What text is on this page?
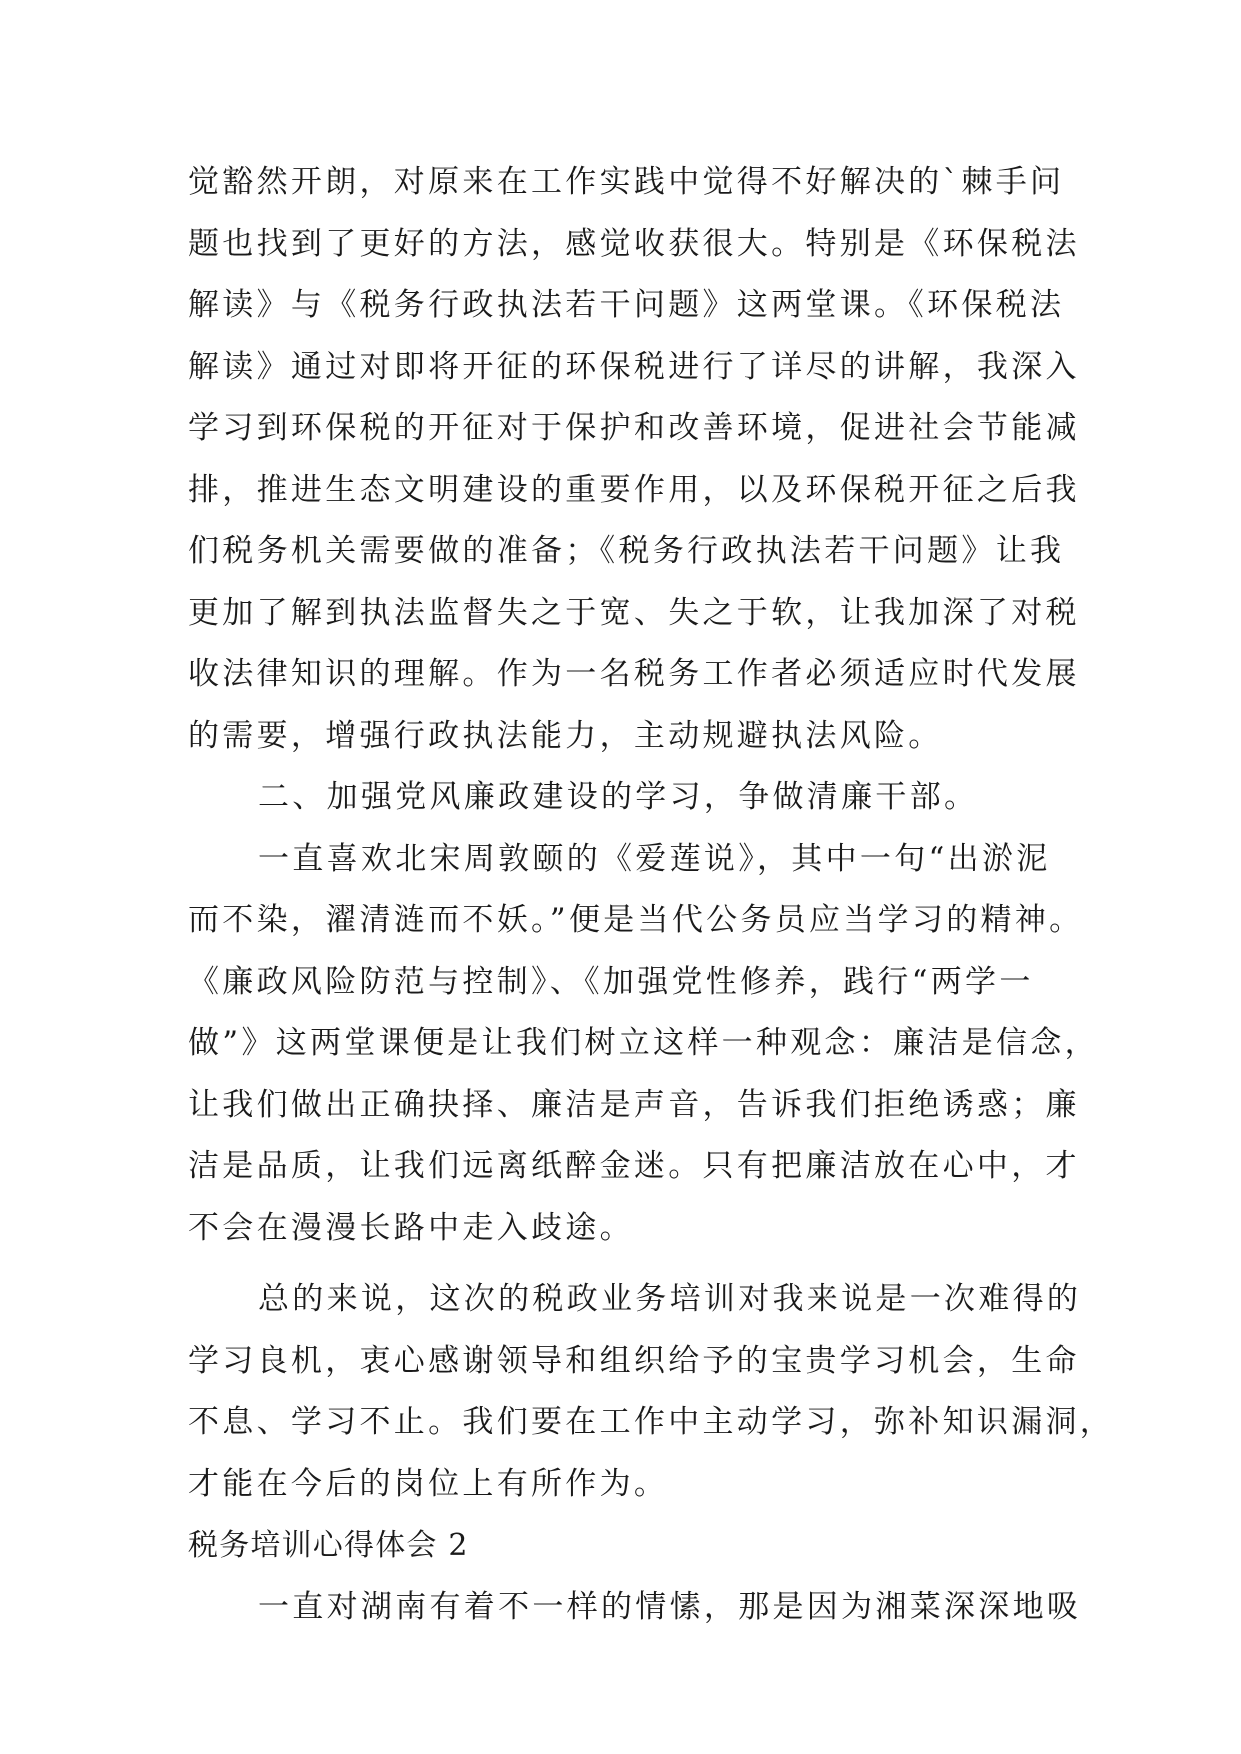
觉豁然开朗，对原来在工作实践中觉得不好解决的`棘手问
题也找到了更好的方法，感觉收获很大。特别是《环保税法
解读》与《税务行政执法若干问题》这两堂课。《环保税法
解读》通过对即将开征的环保税进行了详尽的讲解，我深入
学习到环保税的开征对于保护和改善环境，促进社会节能减
排，推进生态文明建设的重要作用，以及环保税开征之后我
们税务机关需要做的准备；《税务行政执法若干问题》让我
更加了解到执法监督失之于宽、失之于软，让我加深了对税
收法律知识的理解。作为一名税务工作者必须适应时代发展
的需要，增强行政执法能力，主动规避执法风险。
二、加强党风廉政建设的学习，争做清廉干部。
一直喜欢北宋周敦颐的《爱莲说》，其中一句“出淤泥
而不染，濯清涟而不妖。”便是当代公务员应当学习的精神。
《廉政风险防范与控制》、《加强党性修养，践行“两学一
做”》这两堂课便是让我们树立这样一种观念：廉洁是信念，
让我们做出正确抉择、廉洁是声音，告诉我们拒绝诱惑；廉
洁是品质，让我们远离纸醉金迷。只有把廉洁放在心中，才
不会在漫漫长路中走入歧途。
总的来说，这次的税政业务培训对我来说是一次难得的
学习良机，衷心感谢领导和组织给予的宝贵学习机会，生命
不息、学习不止。我们要在工作中主动学习，弥补知识漏洞，
才能在今后的岗位上有所作为。
税务培训心得体会 2
一直对湖南有着不一样的情愫，那是因为湘菜深深地吸
